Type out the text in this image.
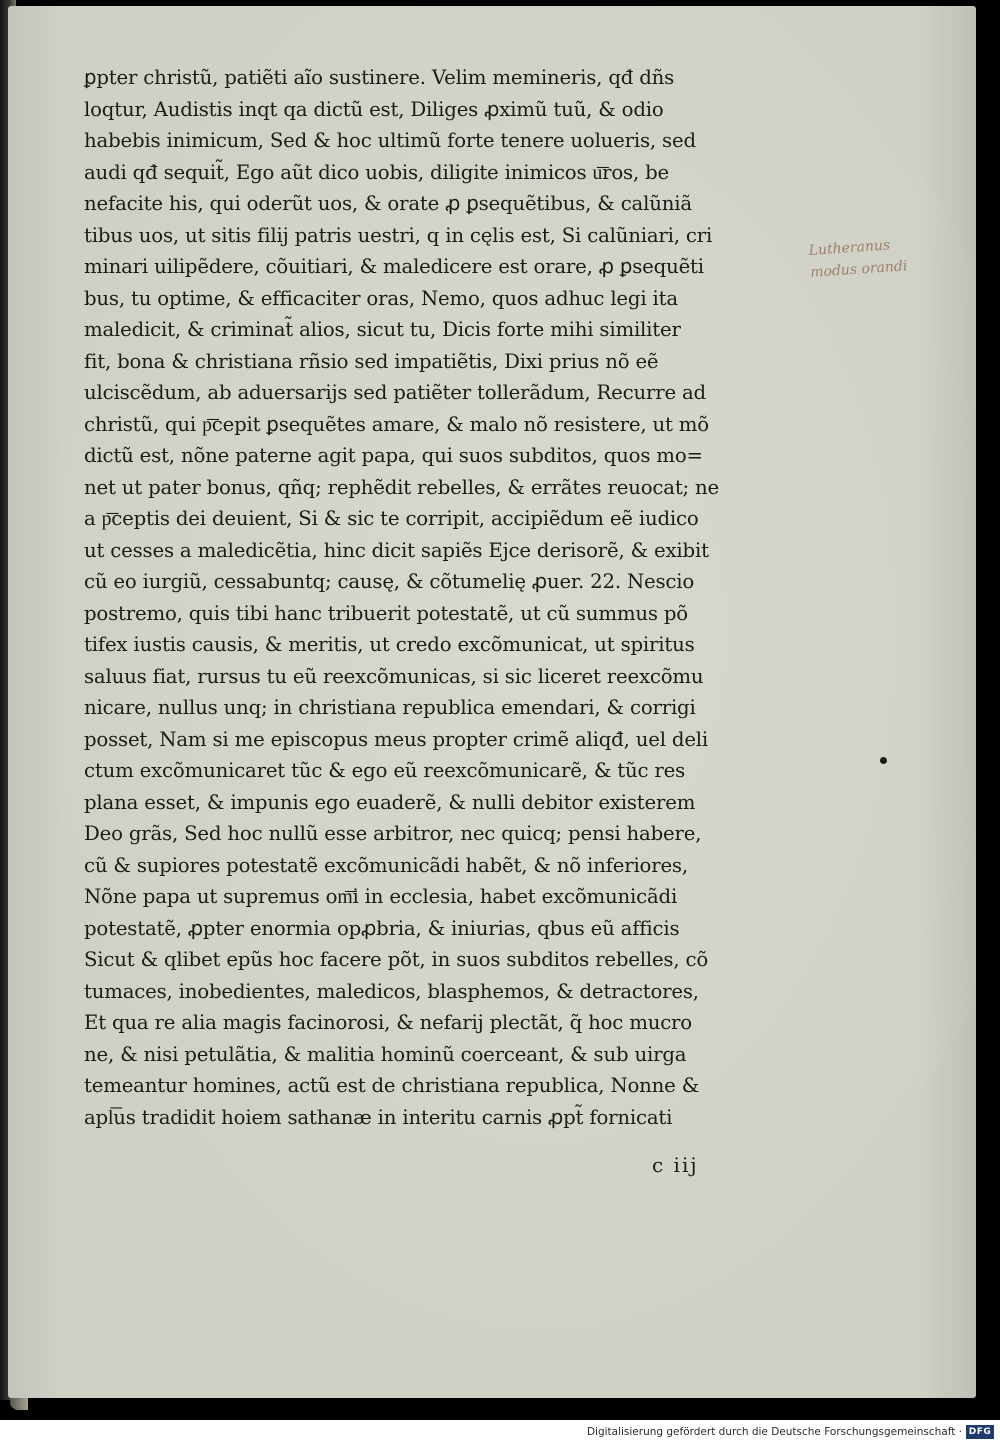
ꝑpter christũ, patiẽti aĩo sustinere. Velim memineris, qđ dñs
loqtur, Audistis inqt qa dictũ est, Diliges ꝓximũ tuũ, & odio
habebis inimicum, Sed & hoc ultimũ forte tenere uolueris, sed
audi qđ sequit̃, Ego aũt dico uobis, diligite inimicos u͞ros, be
nefacite his, qui oderũt uos, & orate ꝓ ꝑsequẽtibus, & calũniã
tibus uos, ut sitis filij patris uestri, q in cęlis est, Si calũniari, cri
minari uilipẽdere, cõuitiari, & maledicere est orare, ꝓ ꝑsequẽti
bus, tu optime, & efficaciter oras, Nemo, quos adhuc legi ita
maledicit, & criminat̃ alios, sicut tu, Dicis forte mihi similiter
fit, bona & christiana rñsio sed impatiẽtis, Dixi prius nõ eẽ
ulciscẽdum, ab aduersarijs sed patiẽter tollerãdum, Recurre ad
christũ, qui p͞cepit ꝑsequẽtes amare, & malo nõ resistere, ut mõ
dictũ est, nõne paterne agit papa, qui suos subditos, quos mo=
net ut pater bonus, qñq; rephẽdit rebelles, & errãtes reuocat; ne
a p͞ceptis dei deuient, Si & sic te corripit, accipiẽdum eẽ iudico
ut cesses a maledicẽtia, hinc dicit sapiẽs Ejce derisorẽ, & exibit
cũ eo iurgiũ, cessabuntq; causę, & cõtumelię ꝓuer. 22. Nescio
postremo, quis tibi hanc tribuerit potestatẽ, ut cũ summus põ
tifex iustis causis, & meritis, ut credo excõmunicat, ut spiritus
saluus fiat, rursus tu eũ reexcõmunicas, si sic liceret reexcõmu
nicare, nullus unq; in christiana republica emendari, & corrigi
posset, Nam si me episcopus meus propter crimẽ aliqđ, uel deli
ctum excõmunicaret tũc & ego eũ reexcõmunicarẽ, & tũc res
plana esset, & impunis ego euaderẽ, & nulli debitor existerem
Deo grãs, Sed hoc nullũ esse arbitror, nec quicq; pensi habere,
cũ & supiores potestatẽ excõmunicãdi habẽt, & nõ inferiores,
Nõne papa ut supremus om͞i in ecclesia, habet excõmunicãdi
potestatẽ, ꝓpter enormia opꝓbria, & iniurias, qbus eũ afficis
Sicut & qlibet epũs hoc facere põt, in suos subditos rebelles, cõ
tumaces, inobedientes, maledicos, blasphemos, & detractores,
Et qua re alia magis facinorosi, & nefarij plectãt, q̃ hoc mucro
ne, & nisi petulãtia, & malitia hominũ coerceant, & sub uirga
temeantur homines, actũ est de christiana republica, Nonne &
apl͞us tradidit hoiem sathanæ in interitu carnis ꝓpt̃ fornicati
c iij
Lutheranus
modus orandi
Digitalisierung gefördert durch die Deutsche Forschungsgemeinschaft · DFG
